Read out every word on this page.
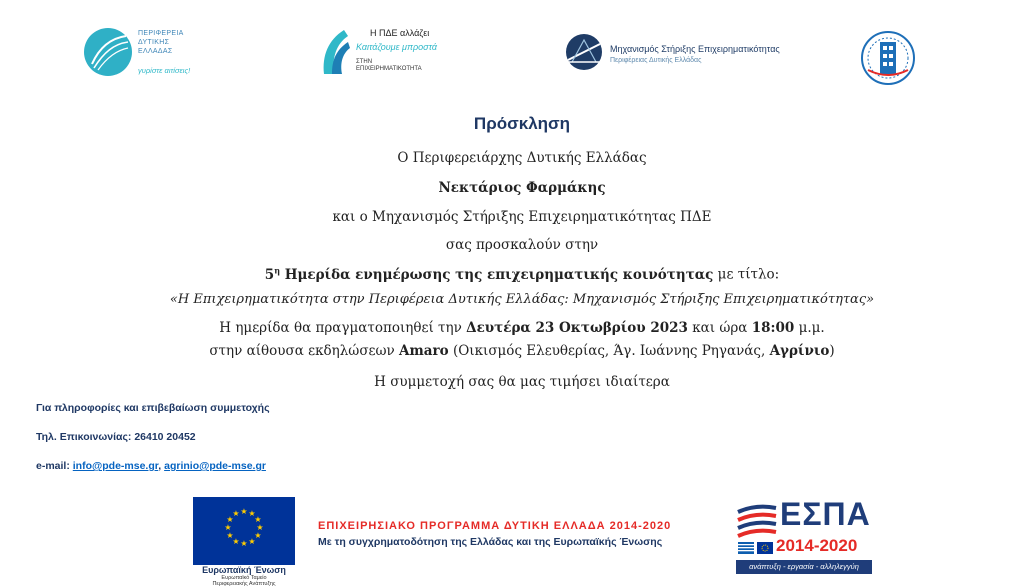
ΠΕΡΙΦΕΡΕΙΑ
ΔΥΤΙΚΗΣ
ΕΛΛΑΔΑΣ
γυρίστε αιτίσεις!
Η ΠΔΕ αλλάζει
Καιτάζουμε μπροστά
ΣΤΗΝ
ΕΠΙΧΕΙΡΗΜΑΤΙΚΟΤΗΤΑ
Μηχανισμός Στήριξης Επιχειρηματικότητας
Περιφέρειας Δυτικής Ελλάδας
Πρόσκληση
Ο Περιφερειάρχης Δυτικής Ελλάδας
Νεκτάριος Φαρμάκης
και ο Μηχανισμός Στήριξης Επιχειρηματικότητας ΠΔΕ
σας προσκαλούν στην
$5^\eta$ Ημερίδα ενημέρωσης της επιχειρηματικής κοινότητας με τίτλο:
«Η Επιχειρηματικότητα στην Περιφέρεια Δυτικής Ελλάδας: Μηχανισμός Στήριξης Επιχειρηματικότητας»
Η ημερίδα θα πραγματοποιηθεί την Δευτέρα 23 Οκτωβρίου 2023 και ώρα 18:00 μ.μ.
στην αίθουσα εκδηλώσεων Amaro (Οικισμός Ελευθερίας, Άγ. Ιωάννης Ρηγανάς, Αγρίνιο)
Η συμμετοχή σας θα μας τιμήσει ιδιαίτερα
Για πληροφορίες και επιβεβαίωση συμμετοχής
Τηλ. Επικοινωνίας: 26410 20452
e-mail: info@pde-mse.gr, agrinio@pde-mse.gr
★ ★
★
★
★
★
★
★
★
★
★
★
Ευρωπαϊκή Ένωση
Ευρωπαϊκό Ταμείο
Περιφερειακής Ανάπτυξης
ΕΠΙΧΕΙΡΗΣΙΑΚΟ ΠΡΟΓΡΑΜΜΑ ΔΥΤΙΚΗ ΕΛΛΑΔΑ 2014-2020
Με τη συγχρηματοδότηση της Ελλάδας και της Ευρωπαϊκής Ένωσης
ΕΣΠΑ
2014-2020
ανάπτυξη - εργασία - αλληλεγγύη
